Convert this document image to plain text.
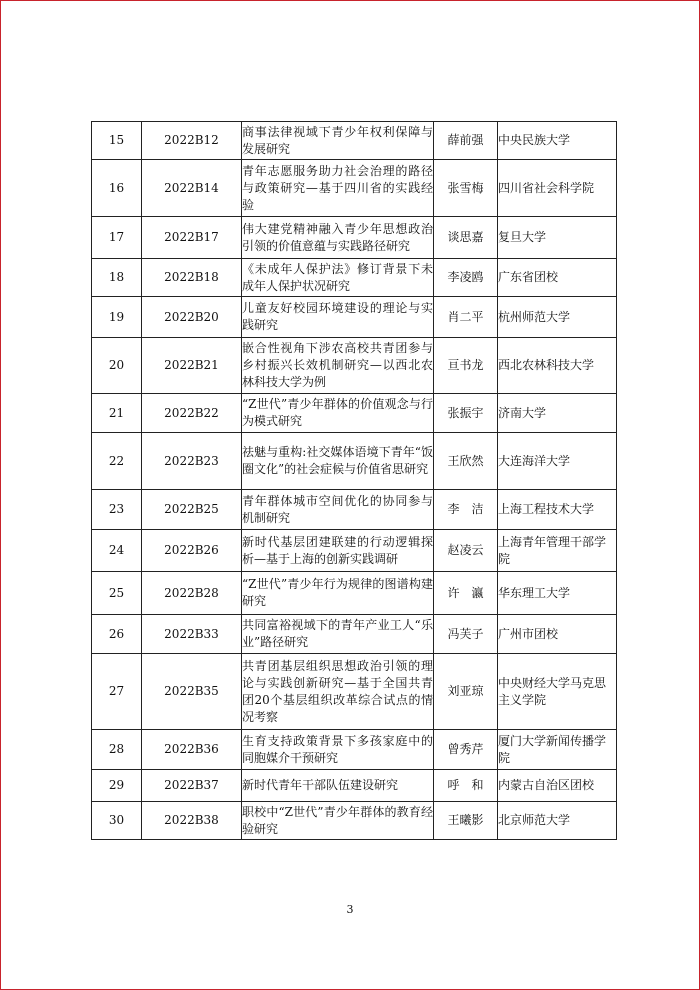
15	2022B12	商事法律视域下青少年权利保障与发展研究	薛前强	中央民族大学
16	2022B14	青年志愿服务助力社会治理的路径与政策研究—基于四川省的实践经验	张雪梅	四川省社会科学院
17	2022B17	伟大建党精神融入青少年思想政治引领的价值意蕴与实践路径研究	谈思嘉	复旦大学
18	2022B18	《未成年人保护法》修订背景下未成年人保护状况研究	李凌鸥	广东省团校
19	2022B20	儿童友好校园环境建设的理论与实践研究	肖二平	杭州师范大学
20	2022B21	嵌合性视角下涉农高校共青团参与乡村振兴长效机制研究—以西北农林科技大学为例	亘书龙	西北农林科技大学
21	2022B22	“Z世代”青少年群体的价值观念与行为模式研究	张振宇	济南大学
22	2022B23	祛魅与重构:社交媒体语境下青年“饭圈文化”的社会症候与价值省思研究	王欣然	大连海洋大学
23	2022B25	青年群体城市空间优化的协同参与机制研究	李　洁	上海工程技术大学
24	2022B26	新时代基层团建联建的行动逻辑探析—基于上海的创新实践调研	赵凌云	上海青年管理干部学院
25	2022B28	“Z世代”青少年行为规律的图谱构建研究	许　瀛	华东理工大学
26	2022B33	共同富裕视域下的青年产业工人“乐业”路径研究	冯芙子	广州市团校
27	2022B35	共青团基层组织思想政治引领的理论与实践创新研究—基于全国共青团20个基层组织改革综合试点的情况考察	刘亚琼	中央财经大学马克思主义学院
28	2022B36	生育支持政策背景下多孩家庭中的同胞媒介干预研究	曾秀芹	厦门大学新闻传播学院
29	2022B37	新时代青年干部队伍建设研究	呼　和	内蒙古自治区团校
30	2022B38	职校中“Z世代”青少年群体的教育经验研究	王曦影	北京师范大学
3
